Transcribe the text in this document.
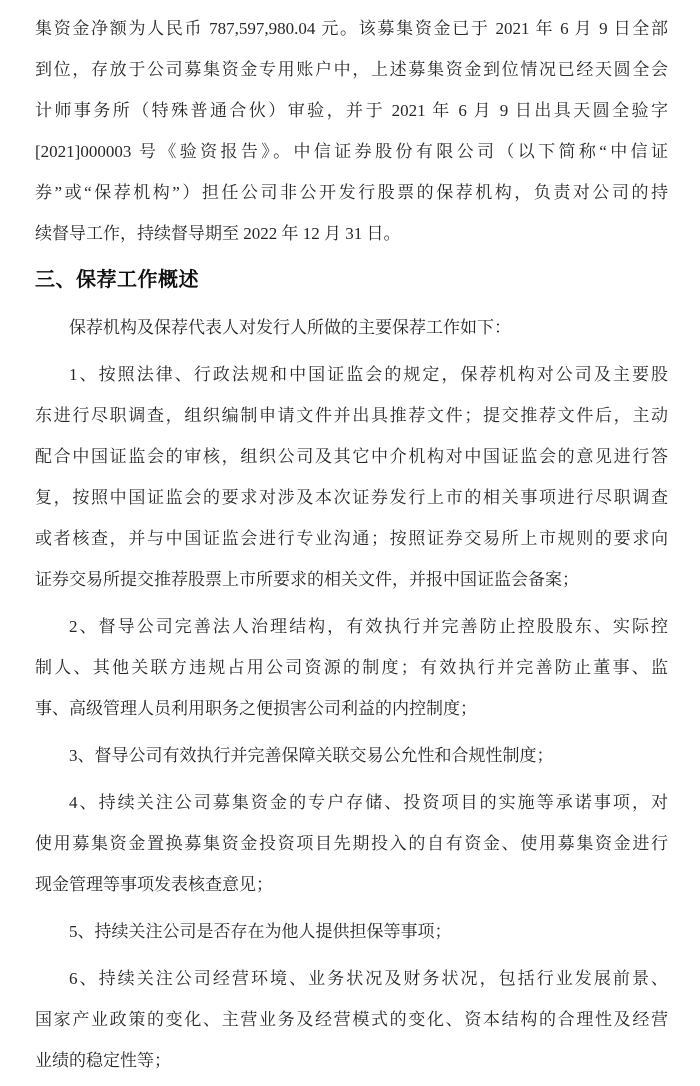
集资金净额为人民币 787,597,980.04 元。该募集资金已于 2021 年 6 月 9 日全部
到位，存放于公司募集资金专用账户中，上述募集资金到位情况已经天圆全会
计师事务所（特殊普通合伙）审验，并于 2021 年 6 月 9 日出具天圆全验字
[2021]000003 号《验资报告》。中信证券股份有限公司（以下简称“中信证
券”或“保荐机构”）担任公司非公开发行股票的保荐机构，负责对公司的持
续督导工作，持续督导期至 2022 年 12 月 31 日。
三、保荐工作概述
保荐机构及保荐代表人对发行人所做的主要保荐工作如下：
1、按照法律、行政法规和中国证监会的规定，保荐机构对公司及主要股
东进行尽职调查，组织编制申请文件并出具推荐文件；提交推荐文件后，主动
配合中国证监会的审核，组织公司及其它中介机构对中国证监会的意见进行答
复，按照中国证监会的要求对涉及本次证券发行上市的相关事项进行尽职调查
或者核查，并与中国证监会进行专业沟通；按照证券交易所上市规则的要求向
证券交易所提交推荐股票上市所要求的相关文件，并报中国证监会备案；
2、督导公司完善法人治理结构，有效执行并完善防止控股股东、实际控
制人、其他关联方违规占用公司资源的制度；有效执行并完善防止董事、监
事、高级管理人员利用职务之便损害公司利益的内控制度；
3、督导公司有效执行并完善保障关联交易公允性和合规性制度；
4、持续关注公司募集资金的专户存储、投资项目的实施等承诺事项，对
使用募集资金置换募集资金投资项目先期投入的自有资金、使用募集资金进行
现金管理等事项发表核查意见；
5、持续关注公司是否存在为他人提供担保等事项；
6、持续关注公司经营环境、业务状况及财务状况，包括行业发展前景、
国家产业政策的变化、主营业务及经营模式的变化、资本结构的合理性及经营
业绩的稳定性等；
